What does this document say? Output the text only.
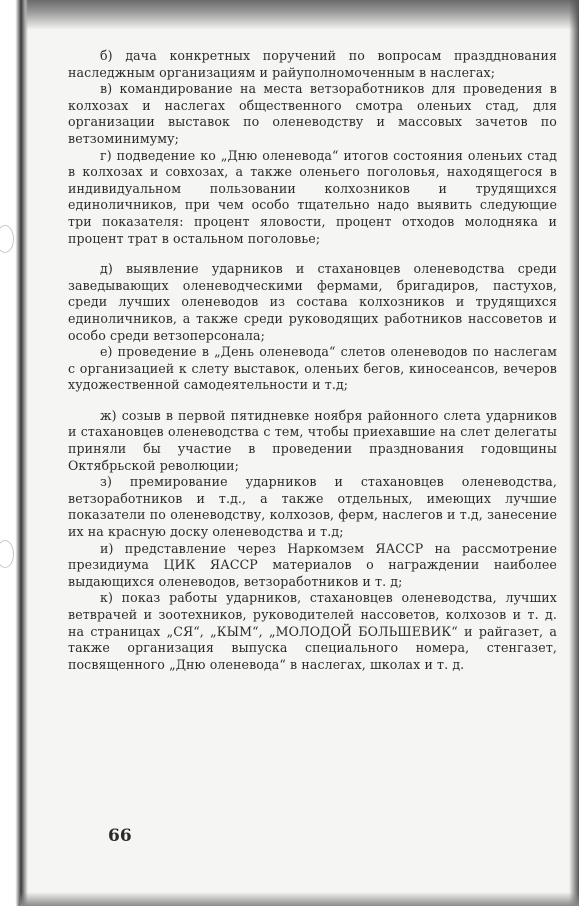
б) дача конкретных поручений по вопросам праздднования наследжным организациям и райуполномоченным в наслегах;

в) командирование на места ветзоработников для проведения в колхозах и наслегах общественного смотра оленьих стад, для организации выставок по оленеводству и массовых зачетов по ветзоминимуму;

г) подведение ко „Дню оленевода“ итогов состояния оленьих стад в колхозах и совхозах, а также оленьего поголовья, находящегося в индивидуальном пользовании колхозников и трудящихся единоличников, при чем особо тщательно надо выявить следующие три показателя: процент яловости, процент отходов молодняка и процент трат в остальном поголовье;

д) выявление ударников и стахановцев оленеводства среди заведывающих оленеводческими фермами, бригадиров, пастухов, среди лучших оленеводов из состава колхозников и трудящихся единоличников, а также среди руководящих работников нассоветов и особо среди ветзоперсонала;

е) проведение в „День оленевода“ слетов оленеводов по наслегам с организацией к слету выставок, оленьих бегов, киносеансов, вечеров художественной самодеятельности и т.д;

ж) созыв в первой пятидневке ноября районного слета ударников и стахановцев оленеводства с тем, чтобы приехавшие на слет делегаты приняли бы участие в проведении празднования годовщины Октябрьской революции;

з) премирование ударников и стахановцев оленеводства, ветзоработников и т.д., а также отдельных, имеющих лучшие показатели по оленеводству, колхозов, ферм, наслегов и т.д, занесение их на красную доску оленеводства и т.д;

и) представление через Наркомзем ЯАССР на рассмотрение президиума ЦИК ЯАССР материалов о награждении наиболее выдающихся оленеводов, ветзоработников и т. д;

к) показ работы ударников, стахановцев оленеводства, лучших ветврачей и зоотехников, руководителей нассоветов, колхозов и т. д. на страницах „СЯ“, „КЫМ“, „МОЛОДОЙ БОЛЬШЕВИК“ и райгазет, а также организация выпуска специального номера, стенгазет, посвященного „Дню оленевода“ в наслегах, школах и т. д.

66
